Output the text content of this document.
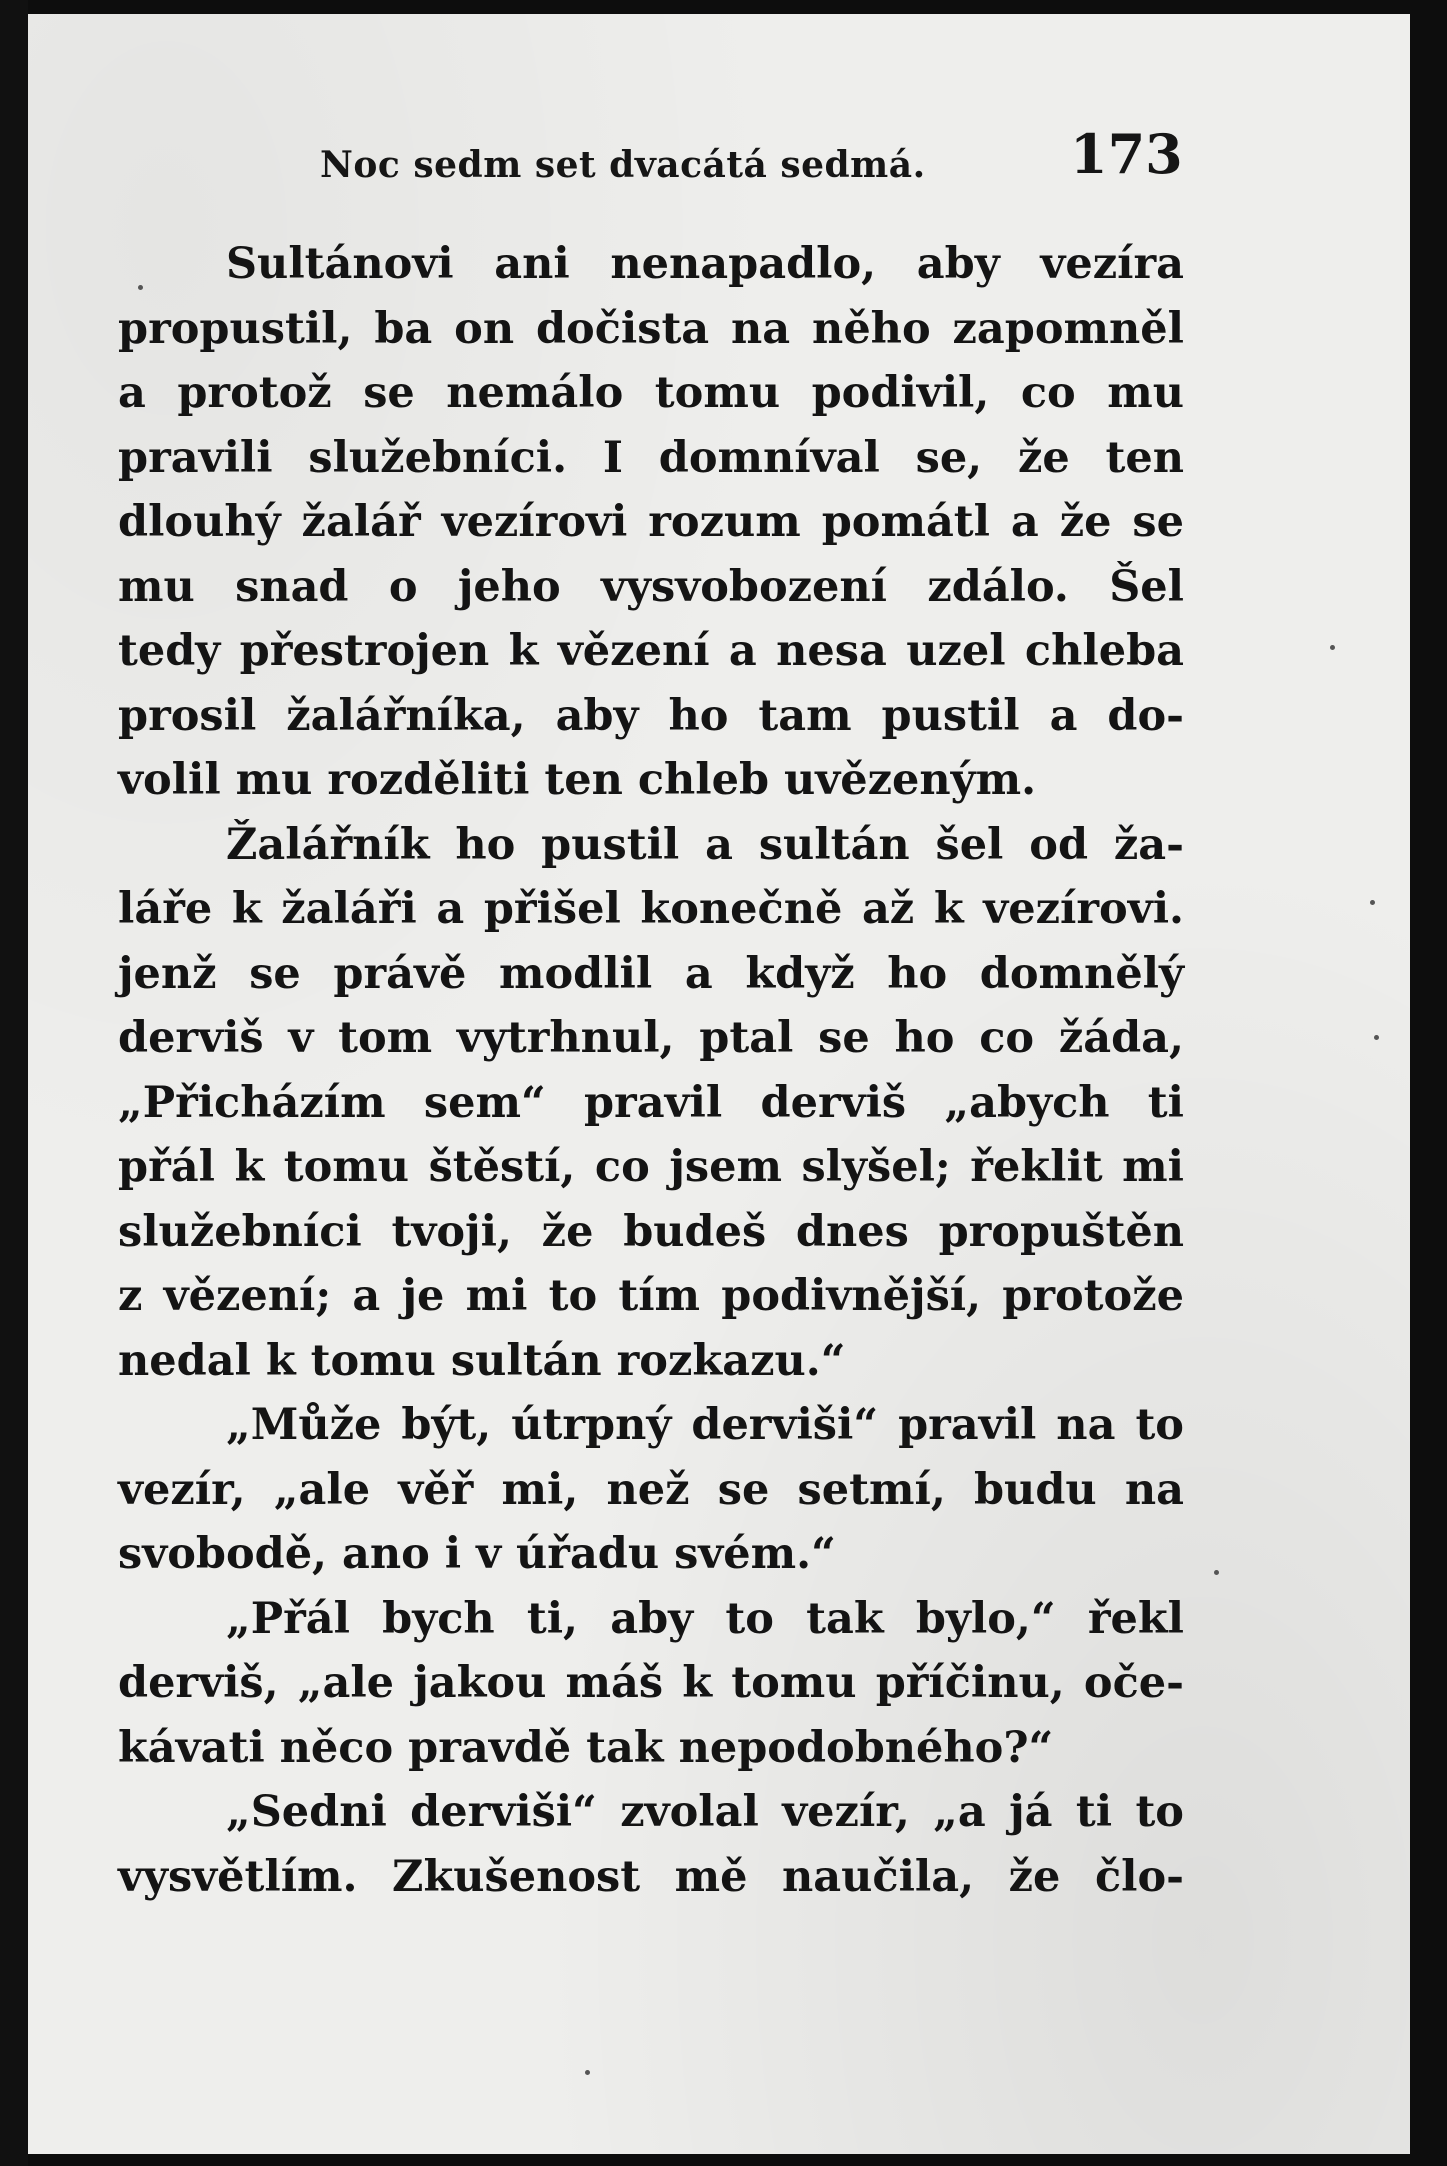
Noc sedm set dvacátá sedmá.	173
Sultánovi ani nenapadlo, aby vezíra
propustil, ba on dočista na něho zapomněl
a protož se nemálo tomu podivil, co mu
pravili služebníci. I domníval se, že ten
dlouhý žalář vezírovi rozum pomátl a že se
mu snad o jeho vysvobození zdálo. Šel
tedy přestrojen k vězení a nesa uzel chleba
prosil žalářníka, aby ho tam pustil a do-
volil mu rozděliti ten chleb uvězeným.
Žalářník ho pustil a sultán šel od ža-
láře k žaláři a přišel konečně až k vezírovi.
jenž se právě modlil a když ho domnělý
derviš v tom vytrhnul, ptal se ho co žáda,
„Přicházím sem“ pravil derviš „abych ti
přál k tomu štěstí, co jsem slyšel; řeklit mi
služebníci tvoji, že budeš dnes propuštěn
z vězení; a je mi to tím podivnější, protože
nedal k tomu sultán rozkazu.“
„Může být, útrpný derviši“ pravil na to
vezír, „ale věř mi, než se setmí, budu na
svobodě, ano i v úřadu svém.“
„Přál bych ti, aby to tak bylo,“ řekl
derviš, „ale jakou máš k tomu příčinu, oče-
kávati něco pravdě tak nepodobného?“
„Sedni derviši“ zvolal vezír, „a já ti to
vysvětlím. Zkušenost mě naučila, že člo-
